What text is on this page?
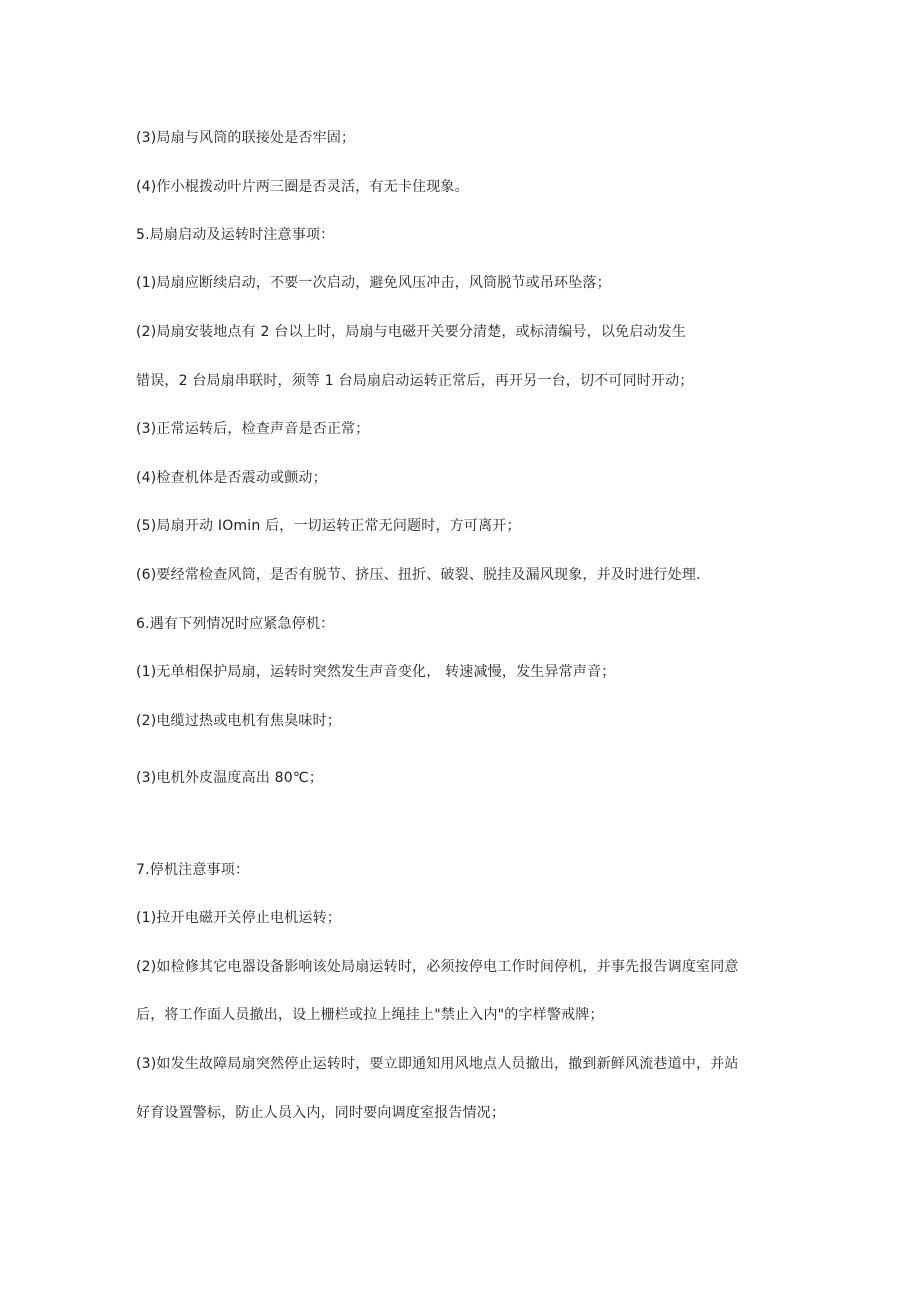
(3)局扇与风筒的联接处是否牢固；
(4)作小棍拨动叶片两三圈是否灵活，有无卡住现象。
5.局扇启动及运转时注意事项：
(1)局扇应断续启动，不要一次启动，避免风压冲击，风筒脱节或吊环坠落；
(2)局扇安装地点有 2 台以上时，局扇与电磁开关要分清楚，或标清编号，以免启动发生
错误，2 台局扇串联时，须等 1 台局扇启动运转正常后，再开另一台，切不可同时开动；
(3)正常运转后，检查声音是否正常；
(4)检查机体是否震动或颤动；
(5)局扇开动 IOmin 后，一切运转正常无问题时，方可离开；
(6)要经常检查风筒，是否有脱节、挤压、扭折、破裂、脱挂及漏风现象，并及时进行处理.
6.遇有下列情况时应紧急停机：
(1)无单相保护局扇，运转时突然发生声音变化， 转速减慢，发生异常声音；
(2)电缆过热或电机有焦臭味时；
(3)电机外皮温度高出 80℃；
7.停机注意事项：
(1)拉开电磁开关停止电机运转；
(2)如检修其它电器设备影响该处局扇运转时，必须按停电工作时间停机，并事先报告调度室同意
后，将工作面人员撤出，设上栅栏或拉上绳挂上"禁止入内"的字样警戒牌；
(3)如发生故障局扇突然停止运转时，要立即通知用风地点人员撤出，撤到新鲜风流巷道中，并站
好育设置警标，防止人员入内，同时要向调度室报告情况；
